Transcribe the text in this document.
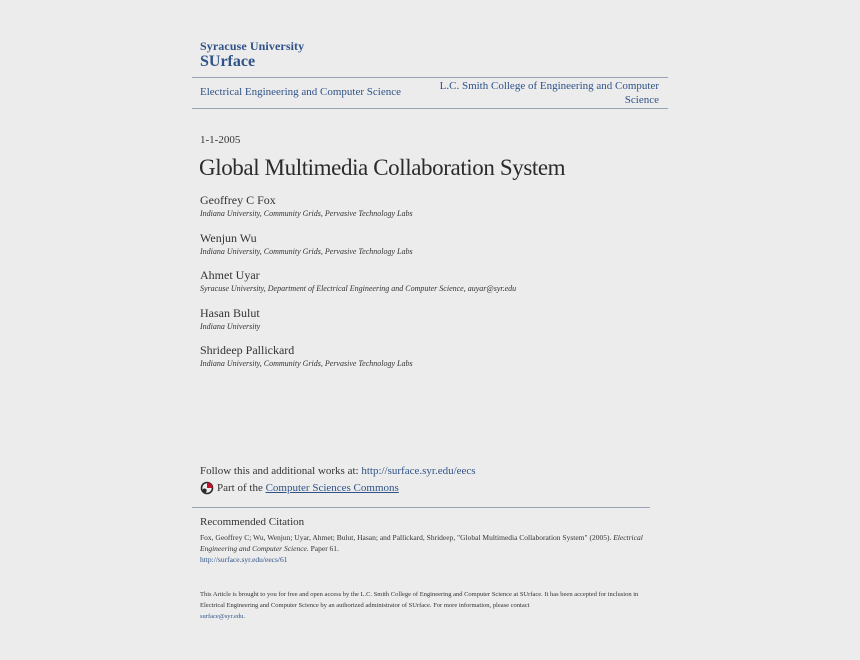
Syracuse University
SUrface
Electrical Engineering and Computer Science	L.C. Smith College of Engineering and Computer Science
1-1-2005
Global Multimedia Collaboration System
Geoffrey C Fox
Indiana University, Community Grids, Pervasive Technology Labs
Wenjun Wu
Indiana University, Community Grids, Pervasive Technology Labs
Ahmet Uyar
Syracuse University, Department of Electrical Engineering and Computer Science, auyar@syr.edu
Hasan Bulut
Indiana University
Shrideep Pallickard
Indiana University, Community Grids, Pervasive Technology Labs
Follow this and additional works at: http://surface.syr.edu/eecs
Part of the
Computer Sciences Commons
Recommended Citation
Fox, Geoffrey C; Wu, Wenjun; Uyar, Ahmet; Bulut, Hasan; and Pallickard, Shrideep, "Global Multimedia Collaboration System" (2005). Electrical Engineering and Computer Science. Paper 61.
http://surface.syr.edu/eecs/61
This Article is brought to you for free and open access by the L.C. Smith College of Engineering and Computer Science at SUrface. It has been accepted for inclusion in Electrical Engineering and Computer Science by an authorized administrator of SUrface. For more information, please contact
surface@syr.edu.
